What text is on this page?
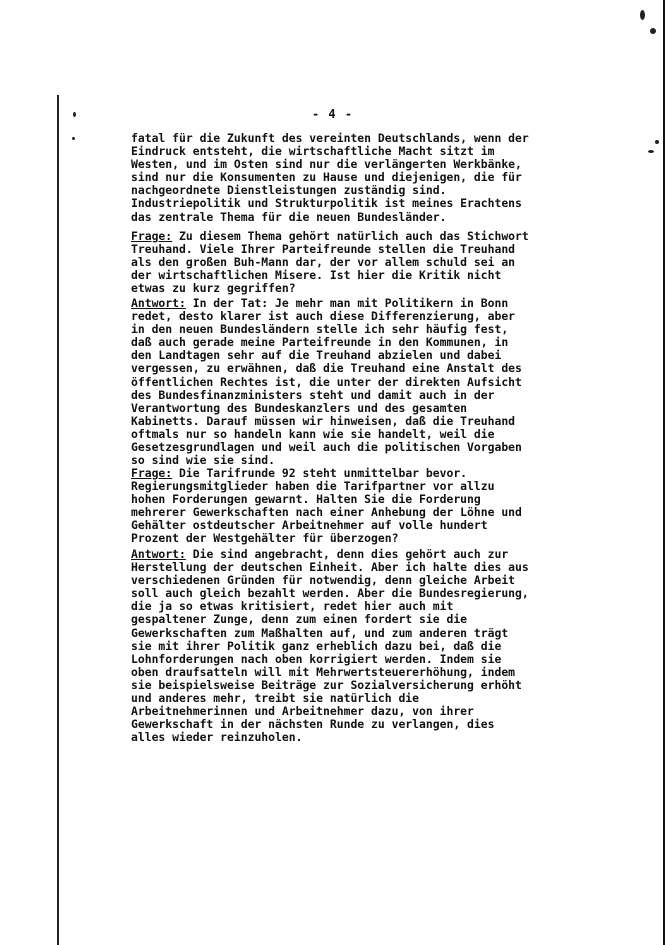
- 4 -

fatal für die Zukunft des vereinten Deutschlands, wenn der
Eindruck entsteht, die wirtschaftliche Macht sitzt im
Westen, und im Osten sind nur die verlängerten Werkbänke,
sind nur die Konsumenten zu Hause und diejenigen, die für
nachgeordnete Dienstleistungen zuständig sind.
Industriepolitik und Strukturpolitik ist meines Erachtens
das zentrale Thema für die neuen Bundesländer.

Frage: Zu diesem Thema gehört natürlich auch das Stichwort
Treuhand. Viele Ihrer Parteifreunde stellen die Treuhand
als den großen Buh-Mann dar, der vor allem schuld sei an
der wirtschaftlichen Misere. Ist hier die Kritik nicht
etwas zu kurz gegriffen?

Antwort: In der Tat: Je mehr man mit Politikern in Bonn
redet, desto klarer ist auch diese Differenzierung, aber
in den neuen Bundesländern stelle ich sehr häufig fest,
daß auch gerade meine Parteifreunde in den Kommunen, in
den Landtagen sehr auf die Treuhand abzielen und dabei
vergessen, zu erwähnen, daß die Treuhand eine Anstalt des
öffentlichen Rechtes ist, die unter der direkten Aufsicht
des Bundesfinanzministers steht und damit auch in der
Verantwortung des Bundeskanzlers und des gesamten
Kabinetts. Darauf müssen wir hinweisen, daß die Treuhand
oftmals nur so handeln kann wie sie handelt, weil die
Gesetzesgrundlagen und weil auch die politischen Vorgaben
so sind wie sie sind.

Frage: Die Tarifrunde 92 steht unmittelbar bevor.
Regierungsmitglieder haben die Tarifpartner vor allzu
hohen Forderungen gewarnt. Halten Sie die Forderung
mehrerer Gewerkschaften nach einer Anhebung der Löhne und
Gehälter ostdeutscher Arbeitnehmer auf volle hundert
Prozent der Westgehälter für überzogen?

Antwort: Die sind angebracht, denn dies gehört auch zur
Herstellung der deutschen Einheit. Aber ich halte dies aus
verschiedenen Gründen für notwendig, denn gleiche Arbeit
soll auch gleich bezahlt werden. Aber die Bundesregierung,
die ja so etwas kritisiert, redet hier auch mit
gespaltener Zunge, denn zum einen fordert sie die
Gewerkschaften zum Maßhalten auf, und zum anderen trägt
sie mit ihrer Politik ganz erheblich dazu bei, daß die
Lohnforderungen nach oben korrigiert werden. Indem sie
oben draufsatteln will mit Mehrwertsteuererhöhung, indem
sie beispielsweise Beiträge zur Sozialversicherung erhöht
und anderes mehr, treibt sie natürlich die
Arbeitnehmerinnen und Arbeitnehmer dazu, von ihrer
Gewerkschaft in der nächsten Runde zu verlangen, dies
alles wieder reinzuholen.
